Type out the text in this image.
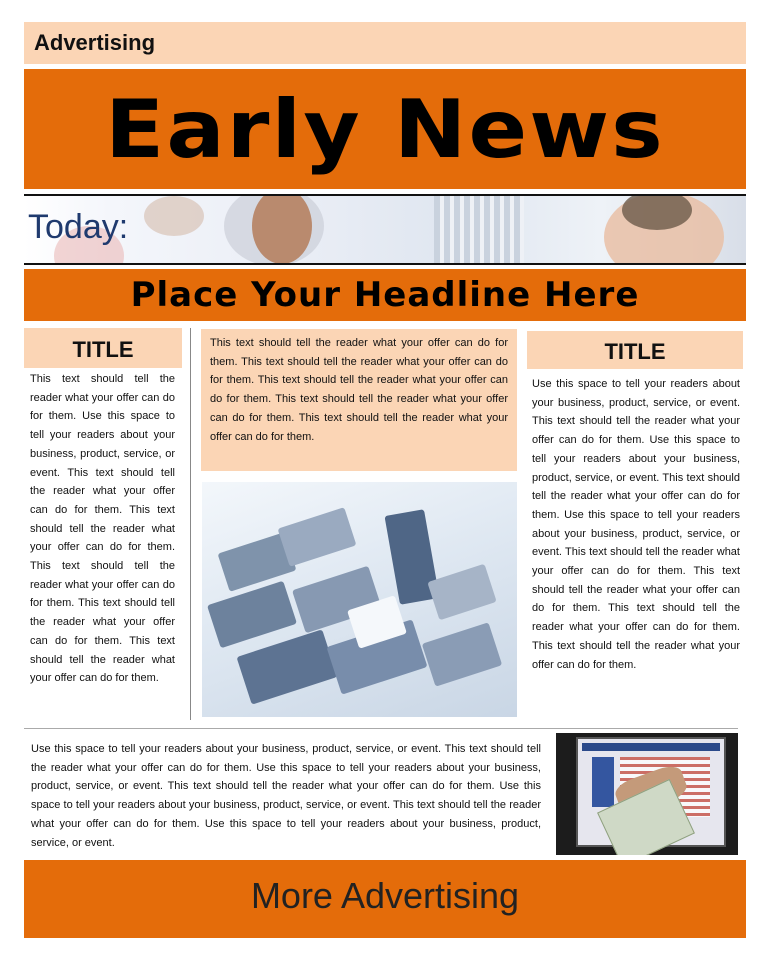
Advertising
Early News
Today:
Place Your Headline Here
TITLE

This text should tell the reader what your offer can do for them. Use this space to tell your readers about your business, product, service, or event. This text should tell the reader what your offer can do for them. This text should tell the reader what your offer can do for them. This text should tell the reader what your offer can do for them. This text should tell the reader what your offer can do for them. This text should tell the reader what your offer can do for them.

This text should tell the reader what your offer can do for them. This text should tell the reader what your offer can do for them. This text should tell the reader what your offer can do for them. This text should tell the reader what your offer can do for them. This text should tell the reader what your offer can do for them.

TITLE

Use this space to tell your readers about your business, product, service, or event. This text should tell the reader what your offer can do for them. Use this space to tell your readers about your business, product, service, or event. This text should tell the reader what your offer can do for them. Use this space to tell your readers about your business, product, service, or event. This text should tell the reader what your offer can do for them. This text should tell the reader what your offer can do for them. This text should tell the reader what your offer can do for them. This text should tell the reader what your offer can do for them.

Use this space to tell your readers about your business, product, service, or event. This text should tell the reader what your offer can do for them. Use this space to tell your readers about your business, product, service, or event. This text should tell the reader what your offer can do for them. Use this space to tell your readers about your business, product, service, or event. This text should tell the reader what your offer can do for them. Use this space to tell your readers about your business, product, service, or event.

More Advertising
